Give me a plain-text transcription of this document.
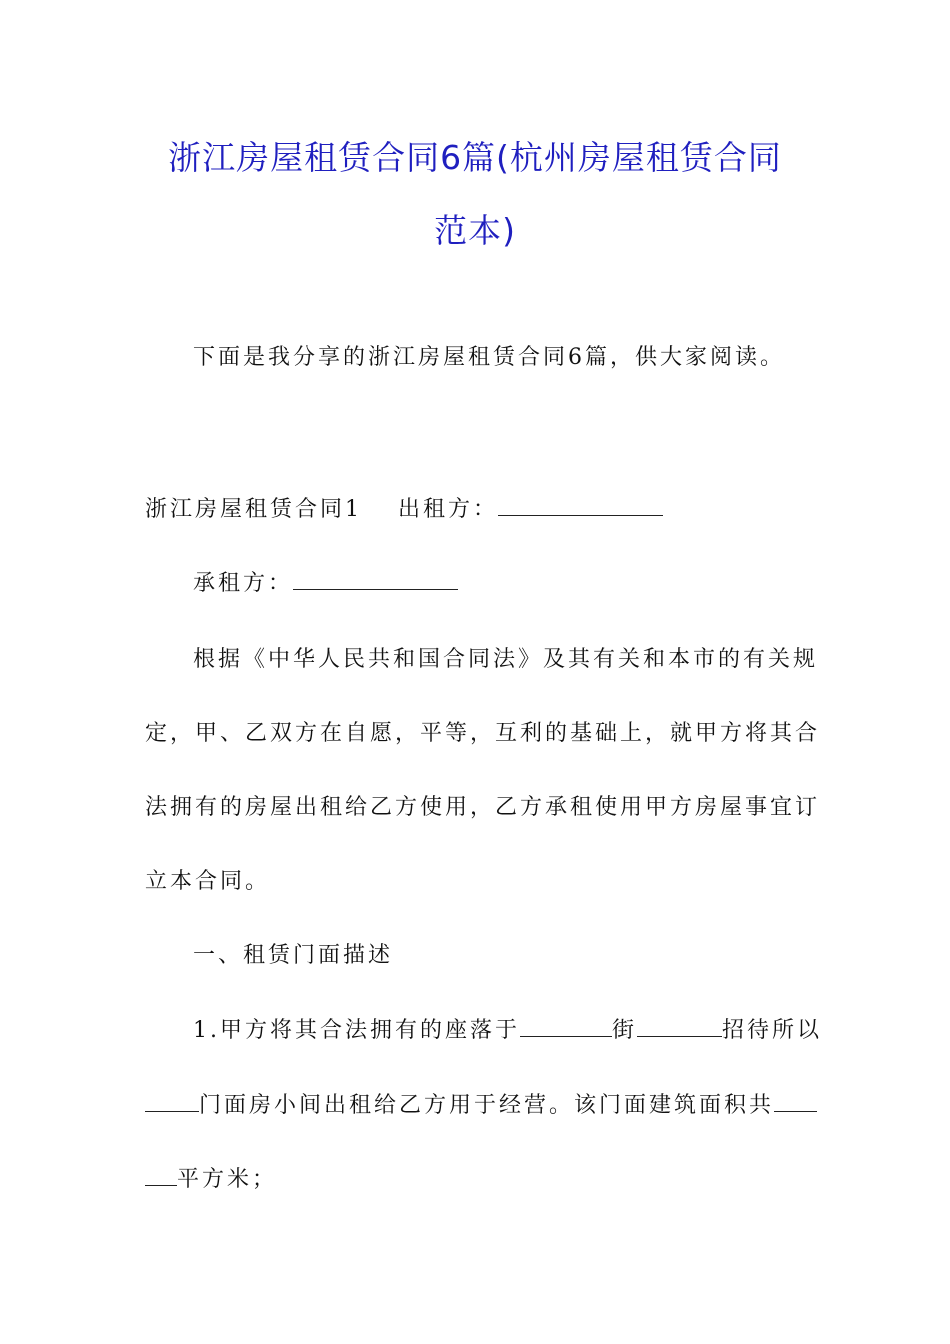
浙江房屋租赁合同6篇(杭州房屋租赁合同
范本)
下面是我分享的浙江房屋租赁合同6篇，供大家阅读。
浙江房屋租赁合同1 出租方：
承租方：
根据《中华人民共和国合同法》及其有关和本市的有关规
定，甲、乙双方在自愿，平等，互利的基础上，就甲方将其合
法拥有的房屋出租给乙方使用，乙方承租使用甲方房屋事宜订
立本合同。
一、租赁门面描述
1.甲方将其合法拥有的座落于	街	招待所以
门面房小间出租给乙方用于经营。该门面建筑面积共
平方米；
